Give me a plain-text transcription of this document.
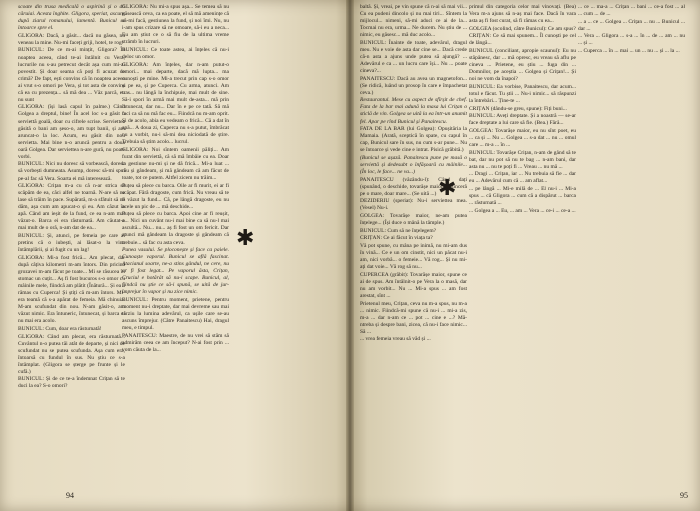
scoate din trusa medicală o aspirină și o dă căruiai. Acesta înghite. Gligora, speriat, ascuns după ziarul romanului, lamentă. Bunicul se întoarce spre el.

GLIGORA: Dacă, a găsit... dacă nu găsea, nu veneau la mine. Nu-mi faceți griji, hotel, te rog!

BUNICUL: De ce m-ai mințit, Gligora? În noaptea aceea, când te-ai întâlnit cu Vera, lucrurile nu s-au petrecut decât așa cum mi-ai povestit. Și doar seama că poți fi acuzat de crimă? De fapt, ești convins că în noaptea aceea ai vrut s-o omori pe Vera, și tot asta de convins că ea cu prezența... să mă dea ... Văz parcă, eu nu sunt

GLIGORA: (își lasă capul în palme.) Când Golgea a dreptul, bine! În acel loc s-a găsit o serviettă goală, doar cu cifrele scrise. Serviettea găsită o bani am șeso-o, am tupt banii, și am aruncat-o la loc. Acum, eu găsit din nou servietta. Mai bine n-o aruncă pentru a doua oară Golgea. Dar serviettea n-are gură, nu poate vorbi.

BUNICUL: Nici nu doresc să vorbească, doresc să vorbești dumneata. Asump, doresc să-mi spui pe-al fac să Vera. Soarta ei mă interesează.

GLIGORA: Crițan m-a cu că n-ar strica să scăpăm de ea, căci alfel ne toarnă. N-are să ne lase să trăim în pace. Supărată, m-a sfâtuit să ne dăm, așa cum am apucat-o și eu. Am căzut în apă. Când am ieșit de la fund, ce ea n-am mai văzut-o. Barca ei era răsturnată. Am căutat-o mai mult de o oră, n-am dat de ea...

BUNICUL: Și, atunci, pe femeia pe care ai pretins că o iubești, ai lăsat-o la vina întâmplării, și ai fugit cu un lag!

GLIGORA: Mi-a fost frică... Am plecat, dar după câțiva kilometri m-am întors. Din pricina grozavei m-am făcut pe toate... Mi se răsucea în stomac un cuțit... Aș fi fost bucuros s-o omor cu mâinile mele, fiindcă am plătit (Înătură... Și ea a rămas cu Cuperca! Și știți că m-am întors. Mi-era teamă că s-a apărat de femeia. Mă chinuia. M-am scufundat din nou. N-am găsit-o, am văzut nimic. Era întuneric, întunecat, și barca ei nu mai era acolo.

BUNICUL: Cum, doar era răsturnată!

GLIGORA: Când am plecat, era răsturnată... Cuvântul n-o putea tăi atât de departe, și nici de scufundat nu se putea scufunda. Așa cum era, întoarsă cu fundul în sus. Nu știu ce s-a întâmplat. (Gligora se șterge pe frunte și le cufă.)

BUNICUL: Și de ce te-a îndemnat Crițan să te duci la ea? S-o omori?

GLIGORA: Nu mi-a spus așa... Se temea să nu găsească ceva, ca ea poate, el să mă amenințe că să-mi facă, gestiunea la fund, și noi îmi. Nu, nu i-am spus crizare să ne omoare, să-i eu a neca... Eu am știut ce o să fiu de la ultima vreme strâmb în lucruri.

BUNICUL: Ce toate astea, ai înțeles că nu-i deloc un omor.

GLIGORA: Am înțeles, dar n-am putut-o omori... mai departe, dacă mă lupta... ma cunoști pe mine. Mi-a trecut prin cap s-o omor și pe ea, și pe Cuperca. Cu arma, atunci. Am tras... nu lângă la închipuie, mai mult de sine. Să-i spori în armă mai mult de-asta... mă prin întunecat, dar nu... Dar în e pe ce tată. Să mă faci ca să nu mă fac eu... Fiindcă nu m-am oprit. Și de acolo, abia eu vedeam o frică... Că a dat în apă... A doua zi, Cuperca nu s-a putut, îmbrăcat nu a vorbit, nu-i să-mi dea niciodată de știre. Trebuia să știm acolo... lucrul.

GLIGORA: Noi sîntem oamenii păliți... Am furat din serviettă, că să mă îmbâie cu ea. Doar la gestiune nu-mi și ne dă frică... Mi-a luat ... rău și gândeam, și mă gândeam că am făcut de toate, tot ce putem. Altfel zicem nu trăim...

Puțea să plece cu barca. Oile ar fi murit, ei ar fi scăpat. Fără dragoste, cum frică. Nu vreau să te fi văzut la fund... Că, pe lângă dragoste, eu nu acele un pic de ... mă deschide...

Puțea să plece cu barca. Apoi cine ar fi reușit, a... Nici un cuvânt nu-i mai bine ca să nu-l mai ascultă... Nu... nu... aș fi fost un om fericit. Dar atunci mă gândeam la dragoste și gândeam că trebuie... să fac cu asta ceva.

Punea vasului. Se ploconește și face ca paiele. Cunoaște vaporul. Bunicul se află fascinat. Atacianul soarte, ne-a stins gândul, ne cere, nu ar fi fost legat... Pe vaporul ăsta, Crițan, Cruciul e hotărât să nu-i scape. Bunicul, al, fiindcă nu știe ce să-i spună, se uită de jur-împrejur în vapor și nu zice nimic.

BUNICUL: Pentru moment, prietene, pentru moment nu-i dreptate, dar mai devreme sau mai târziu la lumina adevărul, ca ușile care se-au ascuns împrejur. (Către Panaitescu) Hai, dragul meu, e timpul.

PANAITESCU: Maestre, de nu vrei să stăm să admirăm ceea ce am început? N-ai fost prin ... vom căuta de la...

✱
94

baltă. Și, vreai, pe vin spune că n-ai să mai vii... Cu ea pudeni dincolo și nu mai tiri... Sîntem la mijlocul... nimeni, să-mi aduci ce ai de la... Tocmai nu era, urma... Ne ducem. Nu știu de ... nimic, eu găsesc... mă duc acolo...

BUNICUL: Înainte de toate, adevărul, dragul meu. Nu e voie de asta dar cine se... Dacă crede că-n asta a ajuns unde putea să ajungă? ... Adevărul e ca ... un lucru care își... Nu ... poate cineva?...

PANAITESCU: Dacă au avea un magnetofon... (Se ridică, luând un prosop în care e împachetat ceva.)

Restaurantul. Mese cu aspect de sfîrșit de chef. Fata de la bar mai adună la masa lui Crițan o sticlă de vin. Golgea se uită la ea într-un anumit fel. Apar pe rînd Bunicul și Panaitescu.

FATA DE LA BAR (lui Golgea): Opușităria la Mamaia. (Arată, sceptică în spate, cu capul în cap, Bunicul sare în sus, nu cum s-ar pune... Nu se întoarce și vede cine e intrat. Pisică grăbită.)

(Bunicul se așază. Panaitescu pune pe masă o serviettă și dedesubt o înfășoară cu mâinile... (În loc, le face... ne va...)

PANAITESCU (văzându-l): Când dați (spunând, o deschide, tovarășe maior. Și sinceră pe o mare, doar mare... (Se uită ...)

DEZIDERIU (speriat): Nu-i serviettea mea. (Vesel) Nu-i.

GOLGEA: Tovarășe maior, ne-am putea înțelege... (Își duce o mână la tâmple.)

BUNICUL: Cum să ne înțelegem?

CRIȚAN: Ce ai făcut în viața ta?

Vă pot spune, cu mâna pe inimă, nu mi-am dus în vină... Ce e un om cinstit, nici un păcat nu-i am, nici vorbă... o femeie... Vă rog... Și nu mi-ați dat voie... Vă rog să nu...

CUPERCEA (grăbit): Tovarășe maior, spune ce ai de spus. Am întâlnit-o pe Vera la o masă, dar nu am vorbit... Nu ... Mi-a spus ... am fost arestat, sînt ...

Prietenul meu, Crițan, ceva nu m-a spus, nu m-a ... nimic. Fiindcă-mi spune că nu-i ... mi-a zis, m-a ... dar n-am ce ... pot ... cine e ...? Mă-ntreba și despre bani, zicea, că nu-i face nimic... Să ...

... vrea femeia vreau să văd și ...

primul din categoria celor mai vinovați. (Bea) Vera m-a ajuns să n-aș mai face. Dacă în vara asta aș fi fost curat, să fi rămas cu ea...

GOLGEA (ocolind, către Bunicul): Ce am spus?

CRIȚAN: Ce să mai spunem... Îl cunoști pe cel de lângă...

BUNICUL (conciliant, apropie scaunul): Eu nu stăpânesc, dar ... mă opresc, eu vreau să aflu pe cineva ... Prietene, eu știu ... fuga din ... Domnilor, pe aceștia ... Golgea și Crițan!... Și noi ne vom da înapoi?

BUNICUL: Ea vorbise, Panaitescu, dar acum... totul e făcut. Tu știi ... Nu-i nimic... să răspunzi la întrebări... Ține-te ...

CRIȚAN (dându-se greu, spune): Fiți buni...

BUNICUL: Aveți dreptate. Și a noastră — se-ar face dreptate a lui care să fie. (Bea.) Fără...

GOLGEA: Tovarășe maior, eu nu sînt poet, eu ... ca și ... Nu ... Golgea ... s-a dat ... nu ... omul care ... m-a ... în ...

BUNICUL: Tovarășe Crițan, n-am de gând să te bat, dar nu pot să nu te bag ... n-am bani, dar asta nu ... nu te poți fi ... Vreau ... nu mă ...

... Dragi ... Crițan, iar ... Nu trebuia să fie ... dar eu ... Adevărul cum că ... am aflat...

... pe lângă ... Mi-e milă de ... El nu-i ... Mi-a spus ... că Gligora ... cum că a dispărut ... barca ... răsturnată ...

... Golgea a ... Eu, ... am ... Vera ... ce-i ... ce-a ...

... ce ... ma-a ... Crițan ... bani ... ce-a fost ... al ... cum ... de ...

... a ... ce ... Golgea ... Crițan ... nu ... Bunicul ... dar ...

... Vera ... Gligora ... s-a ... în ... de ... am ... nu ... și ...

... Cuperca ... în ... mai ... un ... nu ... și ... la ...

✱
95
